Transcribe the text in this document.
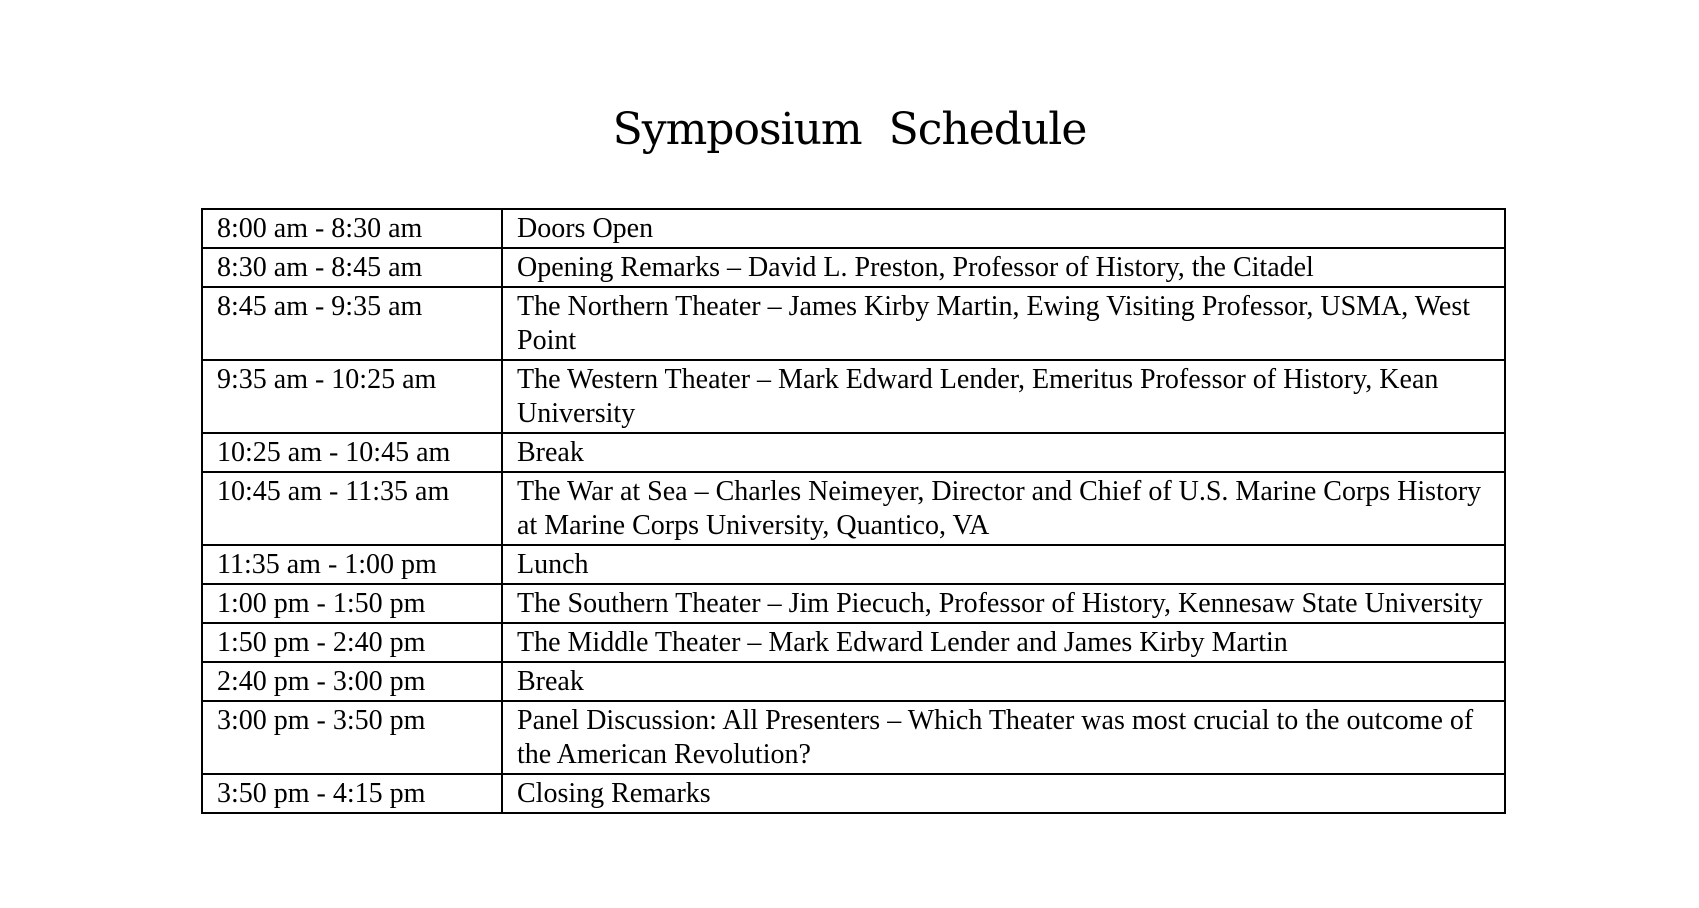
Symposium Schedule
8:00 am - 8:30 am	Doors Open
8:30 am - 8:45 am	Opening Remarks – David L. Preston, Professor of History, the Citadel
8:45 am - 9:35 am	The Northern Theater – James Kirby Martin, Ewing Visiting Professor, USMA, West Point
9:35 am - 10:25 am	The Western Theater – Mark Edward Lender, Emeritus Professor of History, Kean University
10:25 am - 10:45 am	Break
10:45 am - 11:35 am	The War at Sea – Charles Neimeyer, Director and Chief of U.S. Marine Corps History at Marine Corps University, Quantico, VA
11:35 am - 1:00 pm	Lunch
1:00 pm - 1:50 pm	The Southern Theater – Jim Piecuch, Professor of History, Kennesaw State University
1:50 pm - 2:40 pm	The Middle Theater – Mark Edward Lender and James Kirby Martin
2:40 pm - 3:00 pm	Break
3:00 pm - 3:50 pm	Panel Discussion: All Presenters – Which Theater was most crucial to the outcome of the American Revolution?
3:50 pm - 4:15 pm	Closing Remarks
